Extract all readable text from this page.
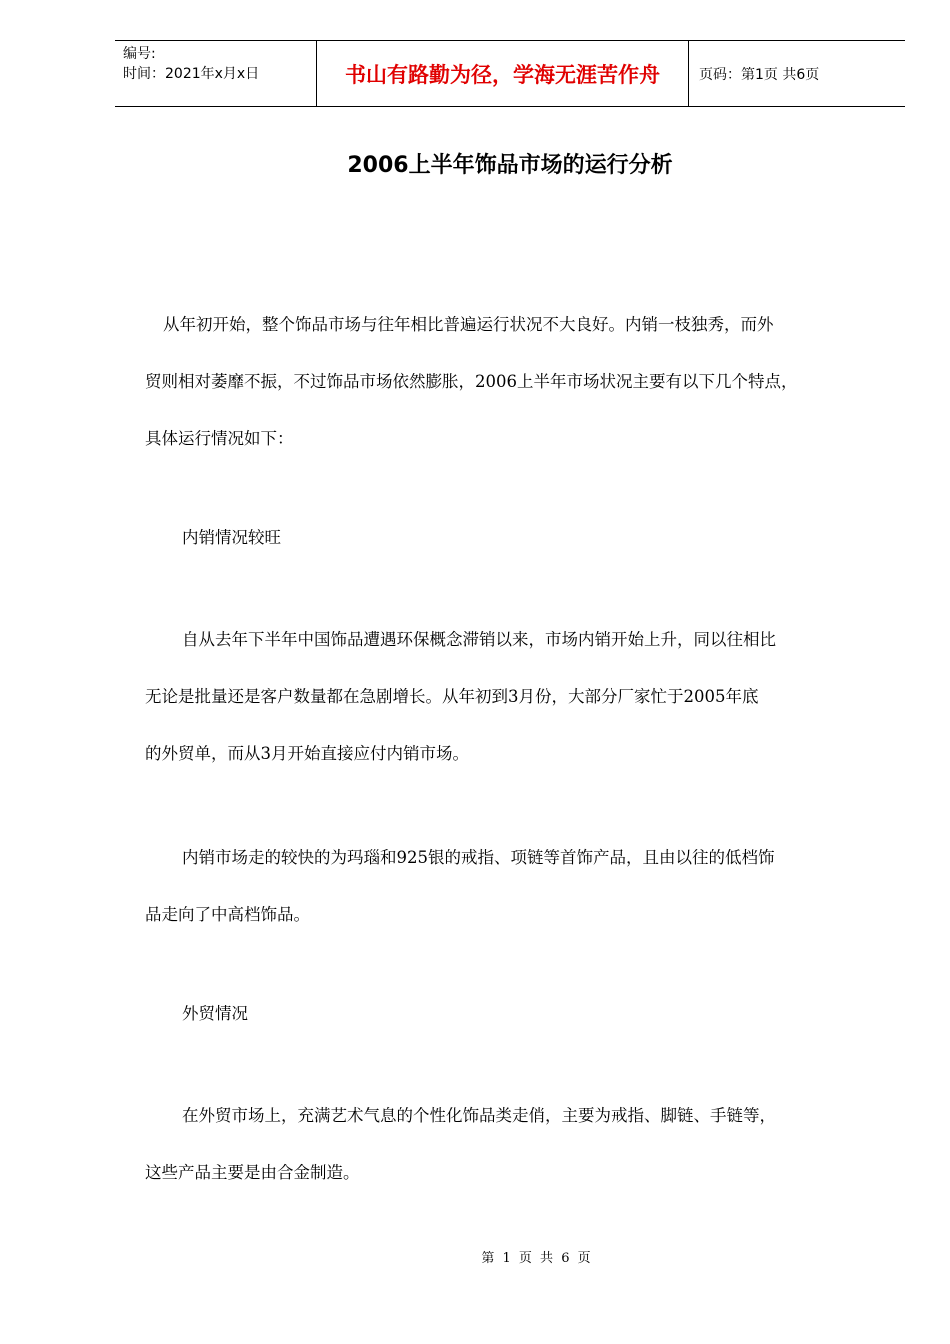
编号:
时间：2021年x月x日	书山有路勤为径，学海无涯苦作舟	页码：第1页 共6页
2006上半年饰品市场的运行分析
从年初开始，整个饰品市场与往年相比普遍运行状况不大良好。内销一枝独秀，而外
贸则相对萎靡不振，不过饰品市场依然膨胀，2006上半年市场状况主要有以下几个特点，
具体运行情况如下：
内销情况较旺
自从去年下半年中国饰品遭遇环保概念滞销以来，市场内销开始上升，同以往相比
无论是批量还是客户数量都在急剧增长。从年初到3月份，大部分厂家忙于2005年底
的外贸单，而从3月开始直接应付内销市场。
内销市场走的较快的为玛瑙和925银的戒指、项链等首饰产品，且由以往的低档饰
品走向了中高档饰品。
外贸情况
在外贸市场上，充满艺术气息的个性化饰品类走俏，主要为戒指、脚链、手链等，
这些产品主要是由合金制造。
第 1 页 共 6 页
